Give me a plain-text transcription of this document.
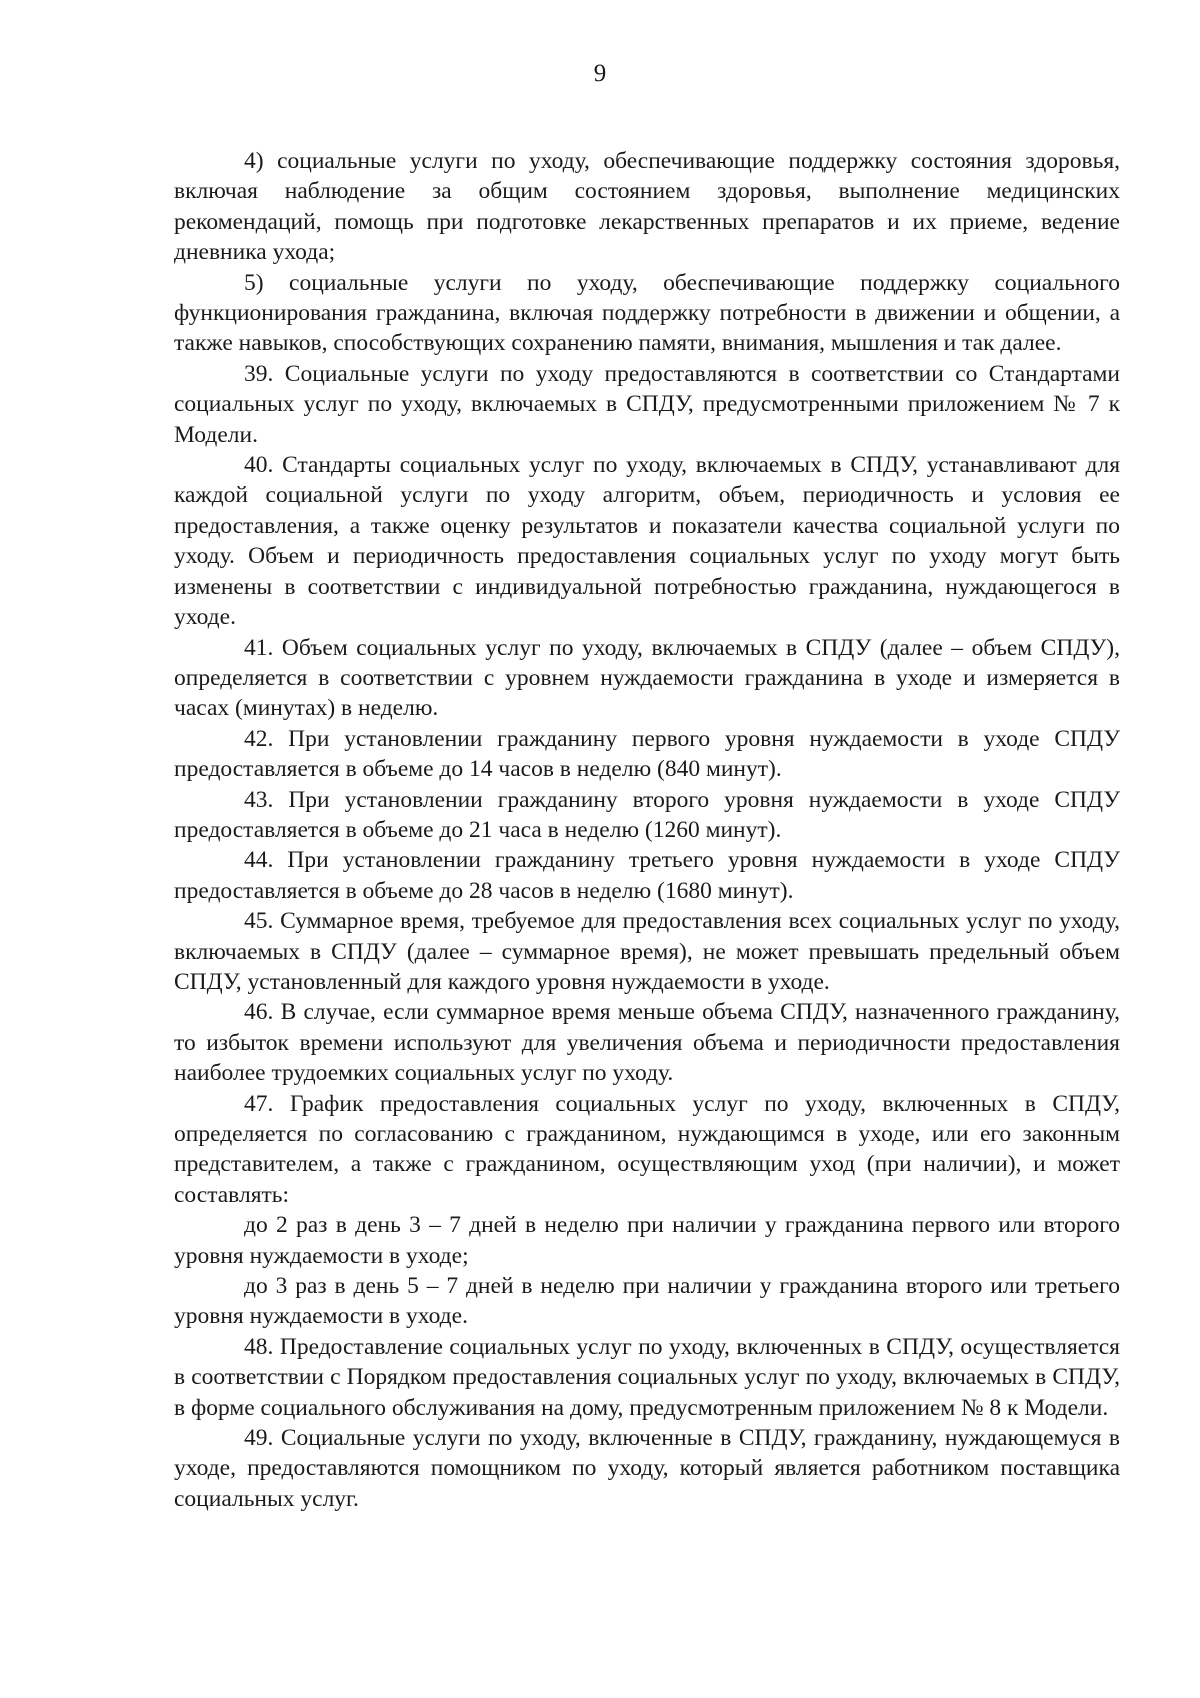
9

4) социальные услуги по уходу, обеспечивающие поддержку состояния здоровья, включая наблюдение за общим состоянием здоровья, выполнение медицинских рекомендаций, помощь при подготовке лекарственных препаратов и их приеме, ведение дневника ухода;

5) социальные услуги по уходу, обеспечивающие поддержку социального функционирования гражданина, включая поддержку потребности в движении и общении, а также навыков, способствующих сохранению памяти, внимания, мышления и так далее.

39. Социальные услуги по уходу предоставляются в соответствии со Стандартами социальных услуг по уходу, включаемых в СПДУ, предусмотренными приложением № 7 к Модели.

40. Стандарты социальных услуг по уходу, включаемых в СПДУ, устанавливают для каждой социальной услуги по уходу алгоритм, объем, периодичность и условия ее предоставления, а также оценку результатов и показатели качества социальной услуги по уходу. Объем и периодичность предоставления социальных услуг по уходу могут быть изменены в соответствии с индивидуальной потребностью гражданина, нуждающегося в уходе.

41. Объем социальных услуг по уходу, включаемых в СПДУ (далее – объем СПДУ), определяется в соответствии с уровнем нуждаемости гражданина в уходе и измеряется в часах (минутах) в неделю.

42. При установлении гражданину первого уровня нуждаемости в уходе СПДУ предоставляется в объеме до 14 часов в неделю (840 минут).

43. При установлении гражданину второго уровня нуждаемости в уходе СПДУ предоставляется в объеме до 21 часа в неделю (1260 минут).

44. При установлении гражданину третьего уровня нуждаемости в уходе СПДУ предоставляется в объеме до 28 часов в неделю (1680 минут).

45. Суммарное время, требуемое для предоставления всех социальных услуг по уходу, включаемых в СПДУ (далее – суммарное время), не может превышать предельный объем СПДУ, установленный для каждого уровня нуждаемости в уходе.

46. В случае, если суммарное время меньше объема СПДУ, назначенного гражданину, то избыток времени используют для увеличения объема и периодичности предоставления наиболее трудоемких социальных услуг по уходу.

47. График предоставления социальных услуг по уходу, включенных в СПДУ, определяется по согласованию с гражданином, нуждающимся в уходе, или его законным представителем, а также с гражданином, осуществляющим уход (при наличии), и может составлять:

до 2 раз в день 3 – 7 дней в неделю при наличии у гражданина первого или второго уровня нуждаемости в уходе;

до 3 раз в день 5 – 7 дней в неделю при наличии у гражданина второго или третьего уровня нуждаемости в уходе.

48. Предоставление социальных услуг по уходу, включенных в СПДУ, осуществляется в соответствии с Порядком предоставления социальных услуг по уходу, включаемых в СПДУ, в форме социального обслуживания на дому, предусмотренным приложением № 8 к Модели.

49. Социальные услуги по уходу, включенные в СПДУ, гражданину, нуждающемуся в уходе, предоставляются помощником по уходу, который является работником поставщика социальных услуг.
